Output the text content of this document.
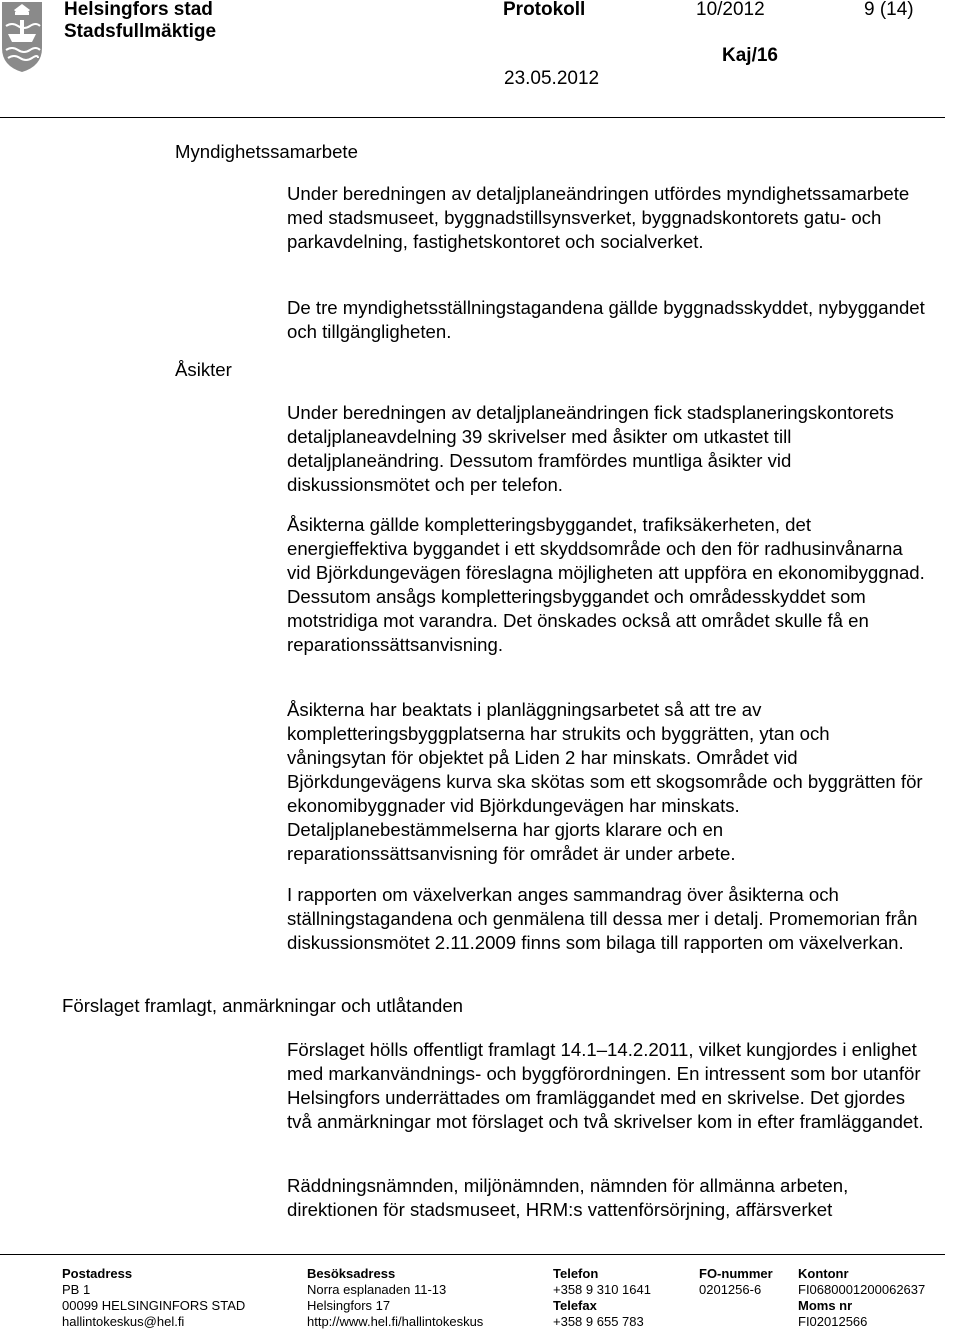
Helsingfors stad
Stadsfullmäktige
Protokoll	10/2012	9 (14)
Kaj/16
23.05.2012
Myndighetssamarbete
Åsikter
Förslaget framlagt, anmärkningar och utlåtanden

Under beredningen av detaljplaneändringen utfördes myndighetssamarbete med stadsmuseet, byggnadstillsynsverket, byggnadskontorets gatu- och parkavdelning, fastighetskontoret och socialverket.

De tre myndighetsställningstagandena gällde byggnadsskyddet, nybyggandet och tillgängligheten.

Under beredningen av detaljplaneändringen fick stadsplaneringskontorets detaljplaneavdelning 39 skrivelser med åsikter om utkastet till detaljplaneändring. Dessutom framfördes muntliga åsikter vid diskussionsmötet och per telefon.

Åsikterna gällde kompletteringsbyggandet, trafiksäkerheten, det energieffektiva byggandet i ett skyddsområde och den för radhusinvånarna vid Björkdungevägen föreslagna möjligheten att uppföra en ekonomibyggnad. Dessutom ansågs kompletteringsbyggandet och områdesskyddet som motstridiga mot varandra. Det önskades också att området skulle få en reparationssättsanvisning.

Åsikterna har beaktats i planläggningsarbetet så att tre av kompletteringsbyggplatserna har strukits och byggrätten, ytan och våningsytan för objektet på Liden 2 har minskats. Området vid Björkdungevägens kurva ska skötas som ett skogsområde och byggrätten för ekonomibyggnader vid Björkdungevägen har minskats. Detaljplanebestämmelserna har gjorts klarare och en reparationssättsanvisning för området är under arbete.

I rapporten om växelverkan anges sammandrag över åsikterna och ställningstagandena och genmälena till dessa mer i detalj. Promemorian från diskussionsmötet 2.11.2009 finns som bilaga till rapporten om växelverkan.

Förslaget hölls offentligt framlagt 14.1–14.2.2011, vilket kungjordes i enlighet med markanvändnings- och byggförordningen. En intressent som bor utanför Helsingfors underrättades om framläggandet med en skrivelse. Det gjordes två anmärkningar mot förslaget och två skrivelser kom in efter framläggandet.

Räddningsnämnden, miljönämnden, nämnden för allmänna arbeten, direktionen för stadsmuseet, HRM:s vattenförsörjning, affärsverket

Postadress
PB 1
00099 HELSINGINFORS STAD
hallintokeskus@hel.fi
Besöksadress
Norra esplanaden 11-13
Helsingfors 17
http://www.hel.fi/hallintokeskus
Telefon
+358 9 310 1641
Telefax
+358 9 655 783
FO-nummer
0201256-6
Kontonr
FI0680001200062637
Moms nr
FI02012566
